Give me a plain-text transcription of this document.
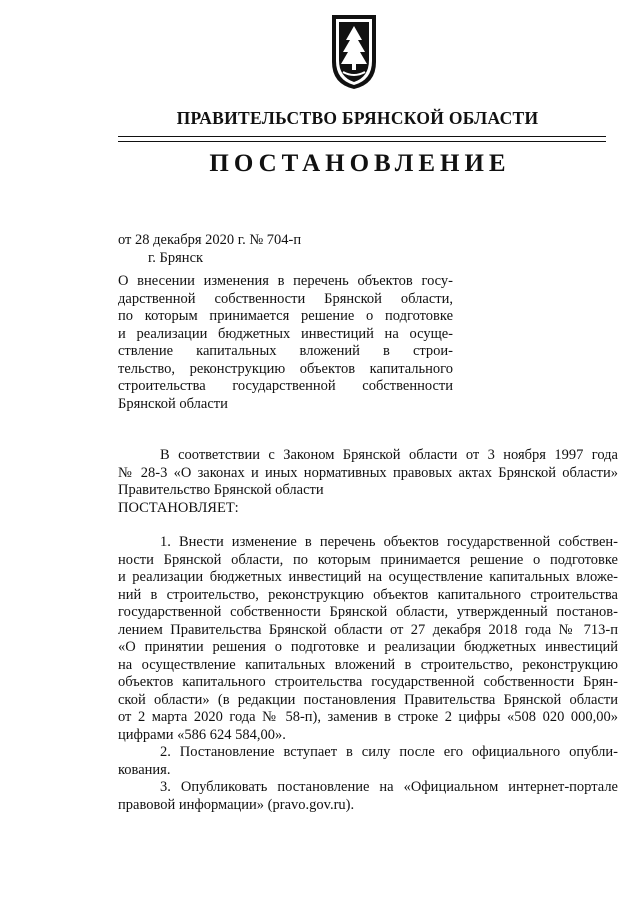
ПРАВИТЕЛЬСТВО БРЯНСКОЙ ОБЛАСТИ
ПОСТАНОВЛЕНИЕ
от 28 декабря 2020 г. № 704-п
г. Брянск
О внесении изменения в перечень объектов госу-
дарственной собственности Брянской области,
по которым принимается решение о подготовке
и реализации бюджетных инвестиций на осуще-
ствление капитальных вложений в строи-
тельство, реконструкцию объектов капитального
строительства государственной собственности
Брянской области
В соответствии с Законом Брянской области от 3 ноября 1997 года
№ 28-3 «О законах и иных нормативных правовых актах Брянской области»
Правительство Брянской области
ПОСТАНОВЛЯЕТ:
1. Внести изменение в перечень объектов государственной собствен-
ности Брянской области, по которым принимается решение о подготовке
и реализации бюджетных инвестиций на осуществление капитальных вложе-
ний в строительство, реконструкцию объектов капитального строительства
государственной собственности Брянской области, утвержденный постанов-
лением Правительства Брянской области от 27 декабря 2018 года № 713-п
«О принятии решения о подготовке и реализации бюджетных инвестиций
на осуществление капитальных вложений в строительство, реконструкцию
объектов капитального строительства государственной собственности Брян-
ской области» (в редакции постановления Правительства Брянской области
от 2 марта 2020 года № 58-п), заменив в строке 2 цифры «508 020 000,00»
цифрами «586 624 584,00».
2. Постановление вступает в силу после его официального опубли-
кования.
3. Опубликовать постановление на «Официальном интернет-портале
правовой информации» (pravo.gov.ru).
